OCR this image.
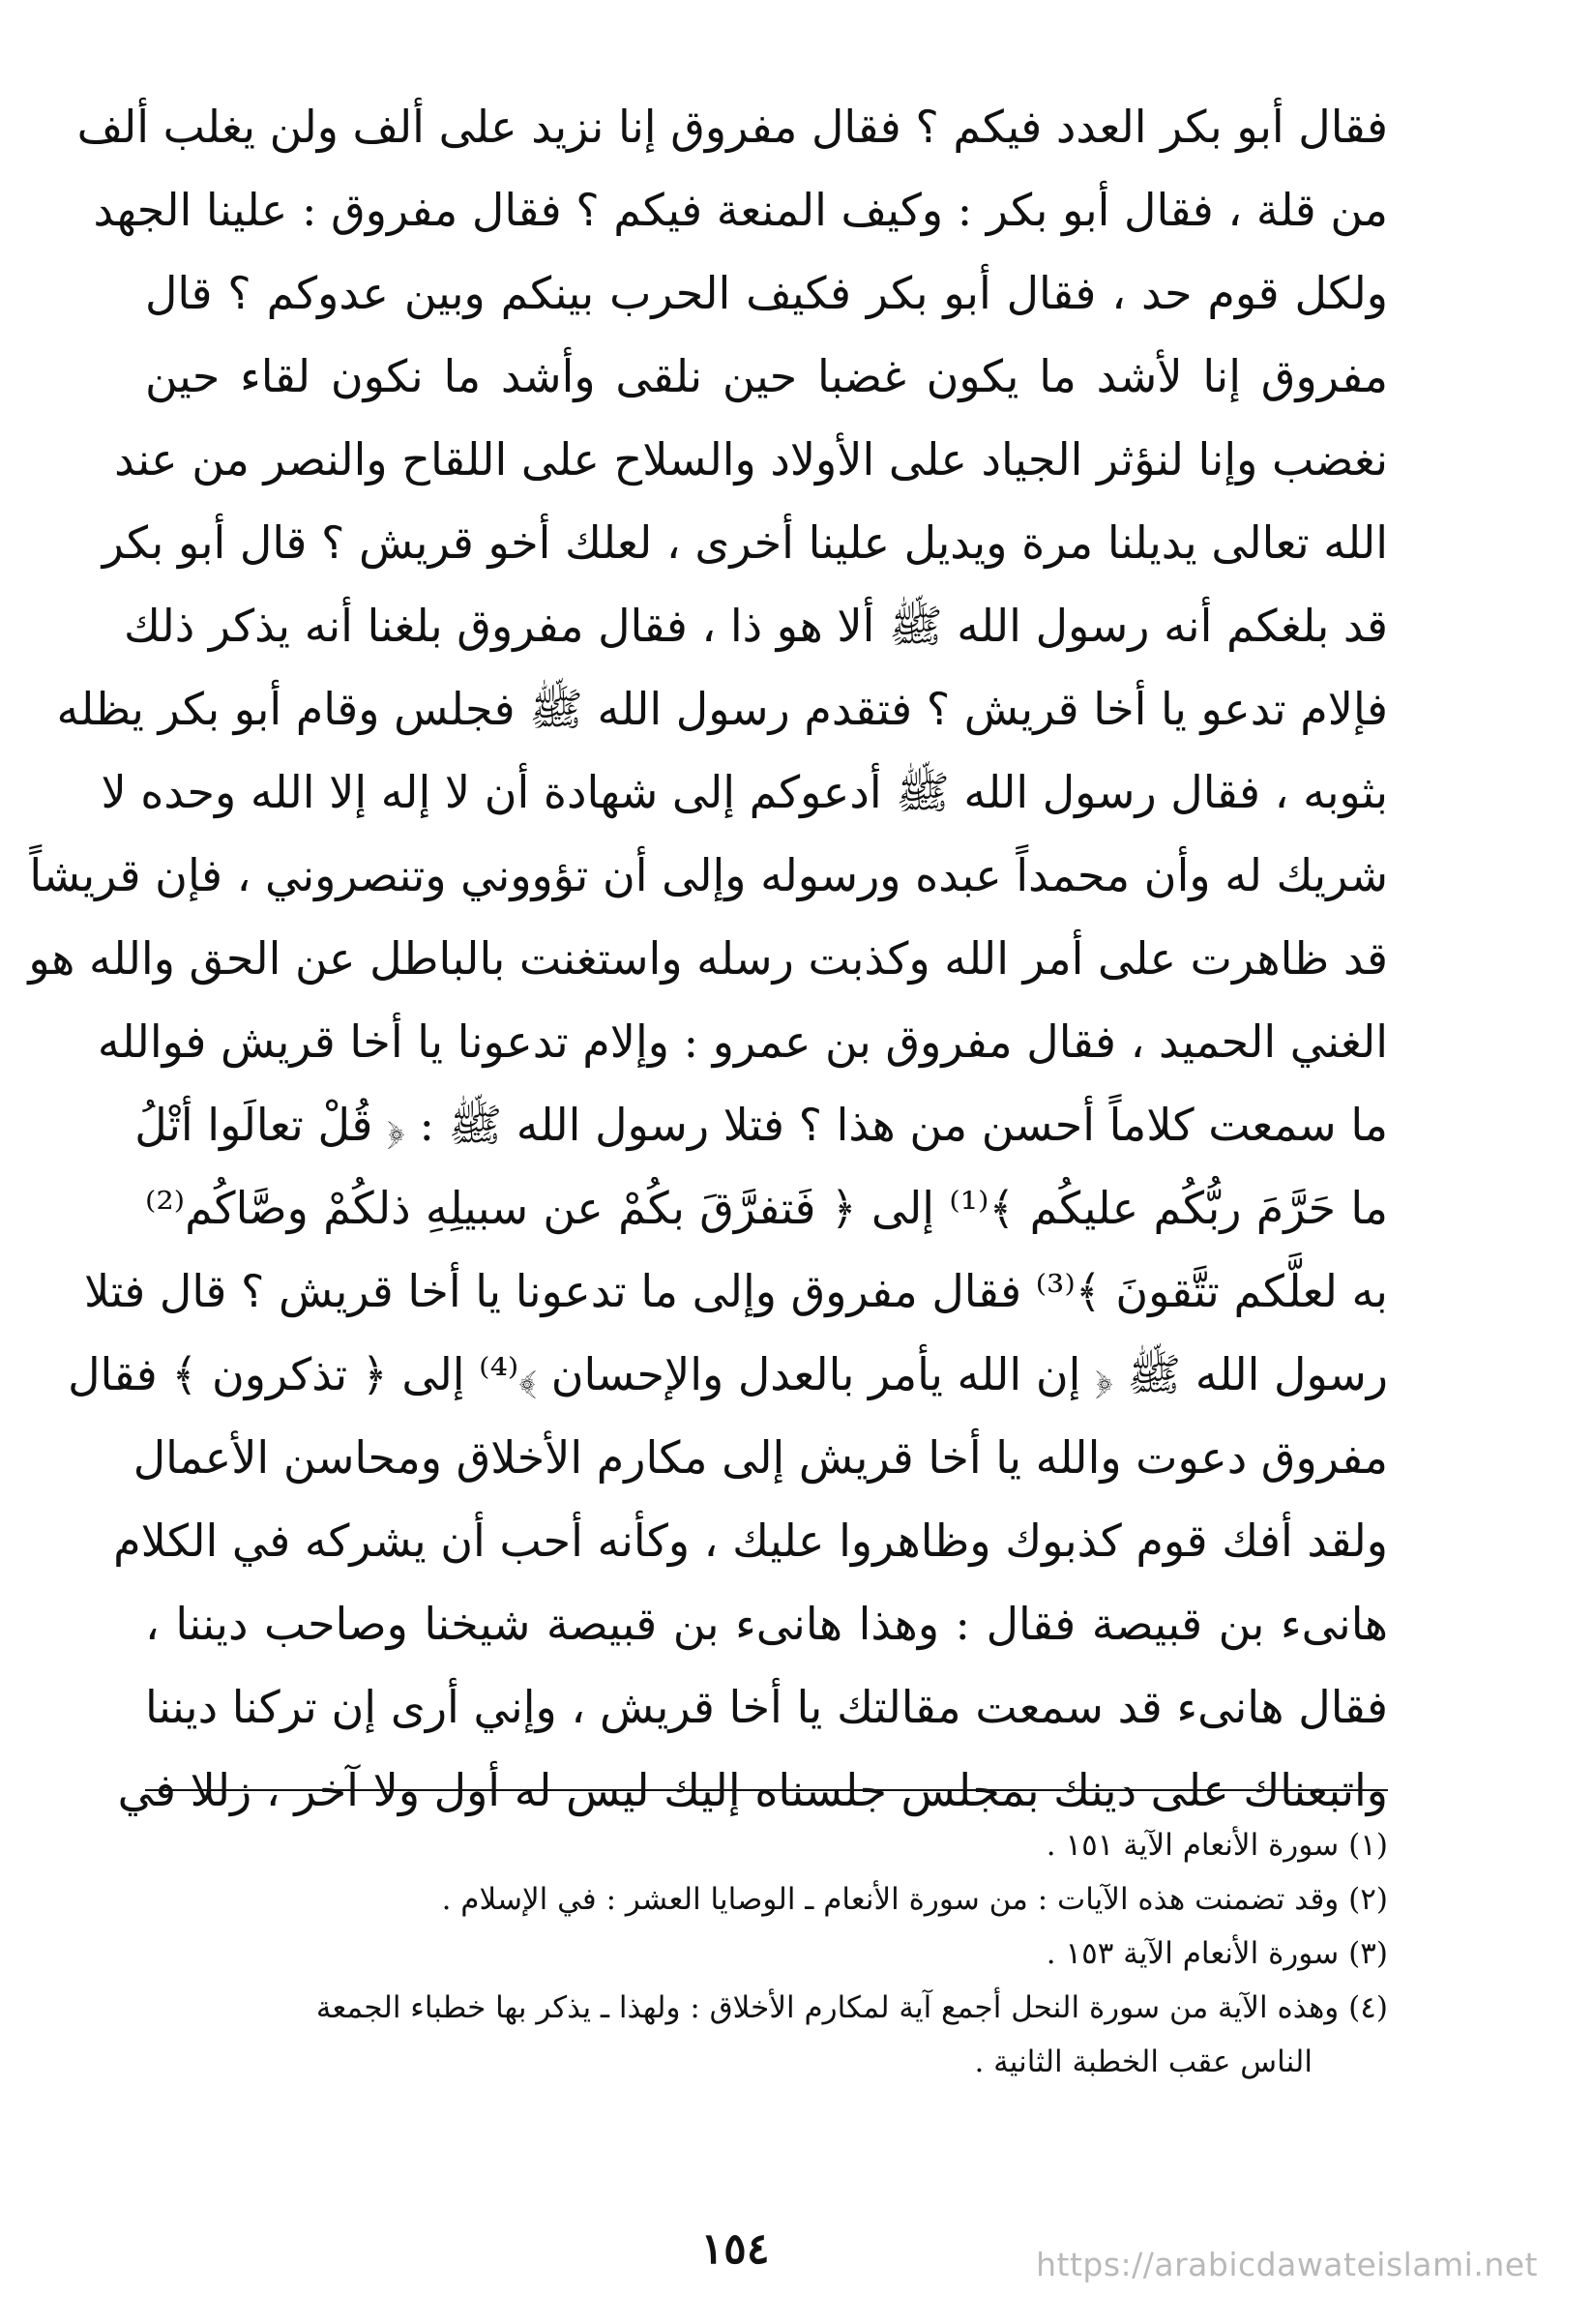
فقال أبو بكر العدد فيكم ؟ فقال مفروق إنا نزيد على ألف ولن يغلب ألف
من قلة ، فقال أبو بكر : وكيف المنعة فيكم ؟ فقال مفروق : علينا الجهد
ولكل قوم حد ، فقال أبو بكر فكيف الحرب بينكم وبين عدوكم ؟ قال
مفروق إنا لأشد ما يكون غضبا حين نلقى وأشد ما نكون لقاء حين
نغضب وإنا لنؤثر الجياد على الأولاد والسلاح على اللقاح والنصر من عند
الله تعالى يديلنا مرة ويديل علينا أخرى ، لعلك أخو قريش ؟ قال أبو بكر
قد بلغكم أنه رسول الله ﷺ ألا هو ذا ، فقال مفروق بلغنا أنه يذكر ذلك
فإلام تدعو يا أخا قريش ؟ فتقدم رسول الله ﷺ فجلس وقام أبو بكر يظله
بثوبه ، فقال رسول الله ﷺ أدعوكم إلى شهادة أن لا إله إلا الله وحده لا
شريك له وأن محمداً عبده ورسوله وإلى أن تؤووني وتنصروني ، فإن قريشاً
قد ظاهرت على أمر الله وكذبت رسله واستغنت بالباطل عن الحق والله هو
الغني الحميد ، فقال مفروق بن عمرو : وإلام تدعونا يا أخا قريش فوالله
ما سمعت كلاماً أحسن من هذا ؟ فتلا رسول الله ﷺ : ﴿ قُلْ تعالَوا أتْلُ
ما حَرَّمَ ربُّكُم عليكُم ﴾⁽¹⁾ إلى ﴿ فَتفرَّقَ بكُمْ عن سبيلِهِ ذلكُمْ وصَّاكُم⁽²⁾
به لعلَّكم تتَّقونَ ﴾⁽³⁾ فقال مفروق وإلى ما تدعونا يا أخا قريش ؟ قال فتلا
رسول الله ﷺ ﴿ إن الله يأمر بالعدل والإحسان ﴾⁽⁴⁾ إلى ﴿ تذكرون ﴾ فقال
مفروق دعوت والله يا أخا قريش إلى مكارم الأخلاق ومحاسن الأعمال
ولقد أفك قوم كذبوك وظاهروا عليك ، وكأنه أحب أن يشركه في الكلام
هانىء بن قبيصة فقال : وهذا هانىء بن قبيصة شيخنا وصاحب ديننا ،
فقال هانىء قد سمعت مقالتك يا أخا قريش ، وإني أرى إن تركنا ديننا
واتبعناك على دينك بمجلس جلسناه إليك ليس له أول ولا آخر ، زللا في
(١) سورة الأنعام الآية ١٥١ .
(٢) وقد تضمنت هذه الآيات : من سورة الأنعام ـ الوصايا العشر : في الإسلام .
(٣) سورة الأنعام الآية ١٥٣ .
(٤) وهذه الآية من سورة النحل أجمع آية لمكارم الأخلاق : ولهذا ـ يذكر بها خطباء الجمعة
الناس عقب الخطبة الثانية .
١٥٤	https://arabicdawateislami.net
